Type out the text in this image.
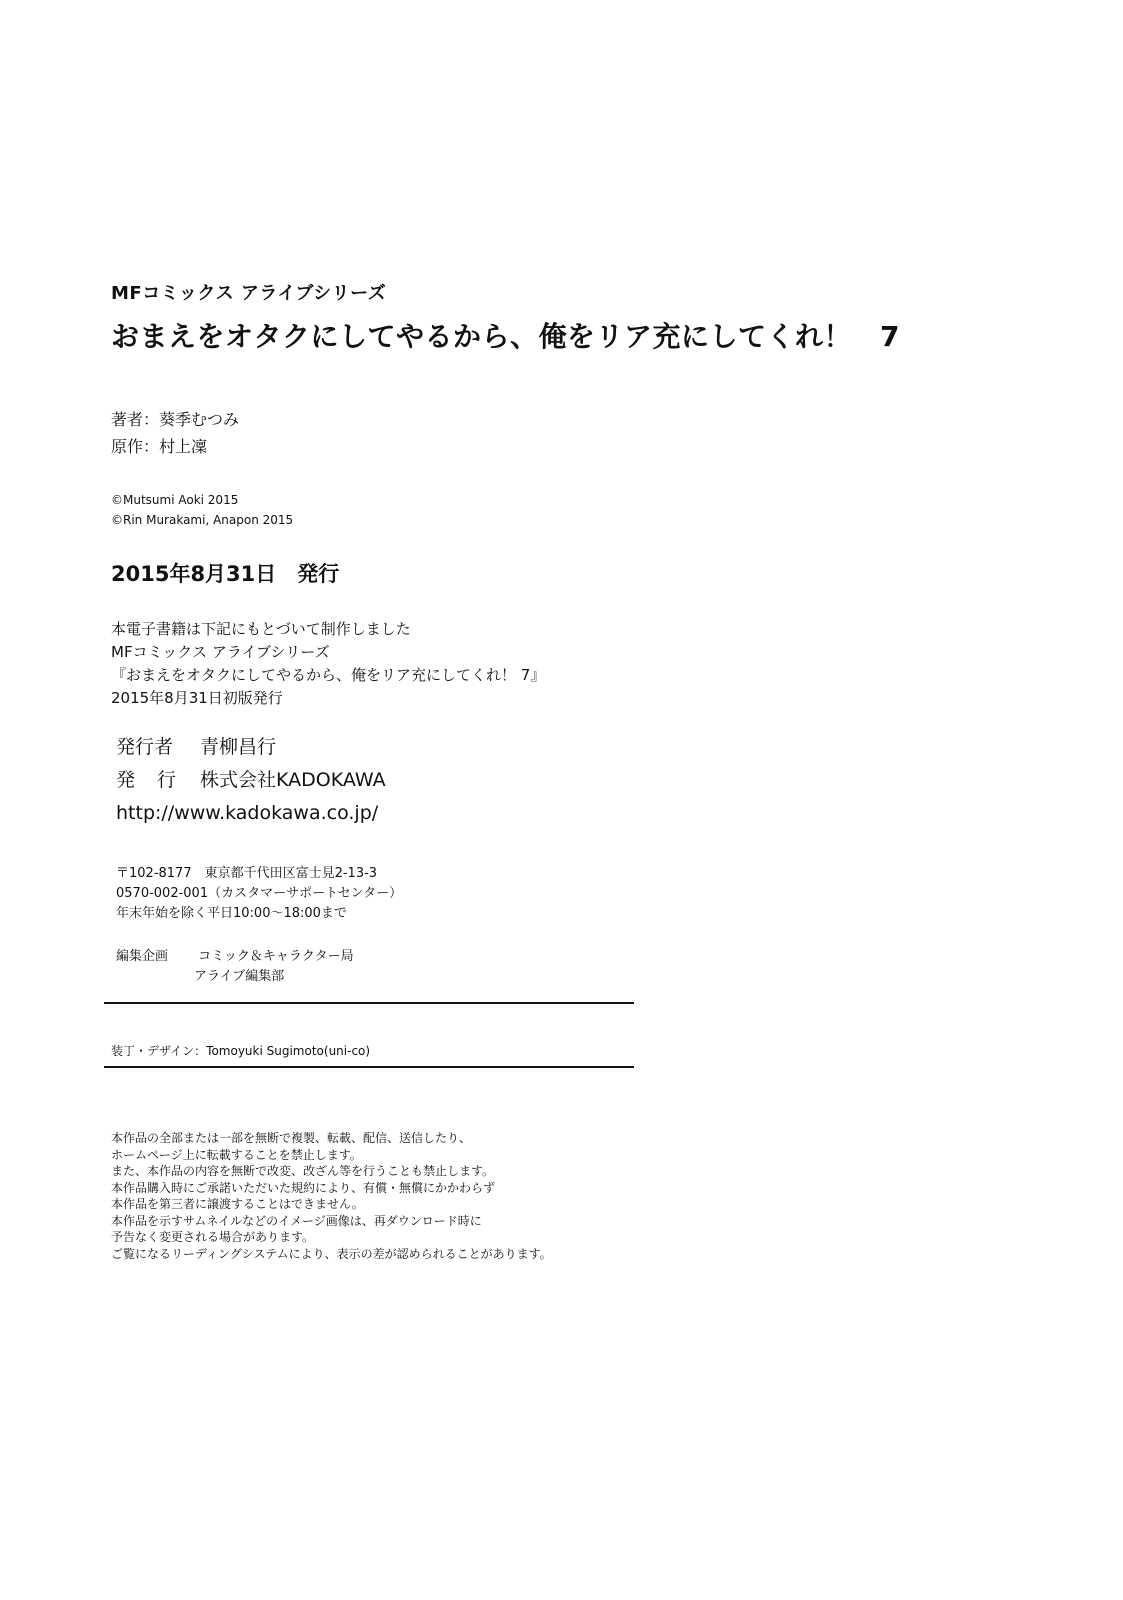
MFコミックス アライブシリーズ
おまえをオタクにしてやるから、俺をリア充にしてくれ！ 7
著者：葵季むつみ
原作：村上凜
©Mutsumi Aoki 2015
©Rin Murakami, Anapon 2015
2015年8月31日　発行
本電子書籍は下記にもとづいて制作しました
MFコミックス アライブシリーズ
『おまえをオタクにしてやるから、俺をリア充にしてくれ！ 7』
2015年8月31日初版発行
発行者 青柳昌行
発行 株式会社KADOKAWA
http://www.kadokawa.co.jp/
〒102-8177　東京都千代田区富士見2-13-3
0570-002-001（カスタマーサポートセンター）
年末年始を除く平日10:00～18:00まで
編集企画 コミック＆キャラクター局
アライブ編集部
装丁・デザイン：Tomoyuki Sugimoto(uni-co)
本作品の全部または一部を無断で複製、転載、配信、送信したり、
ホームページ上に転載することを禁止します。
また、本作品の内容を無断で改変、改ざん等を行うことも禁止します。
本作品購入時にご承諾いただいた規約により、有償・無償にかかわらず
本作品を第三者に譲渡することはできません。
本作品を示すサムネイルなどのイメージ画像は、再ダウンロード時に
予告なく変更される場合があります。
ご覧になるリーディングシステムにより、表示の差が認められることがあります。
